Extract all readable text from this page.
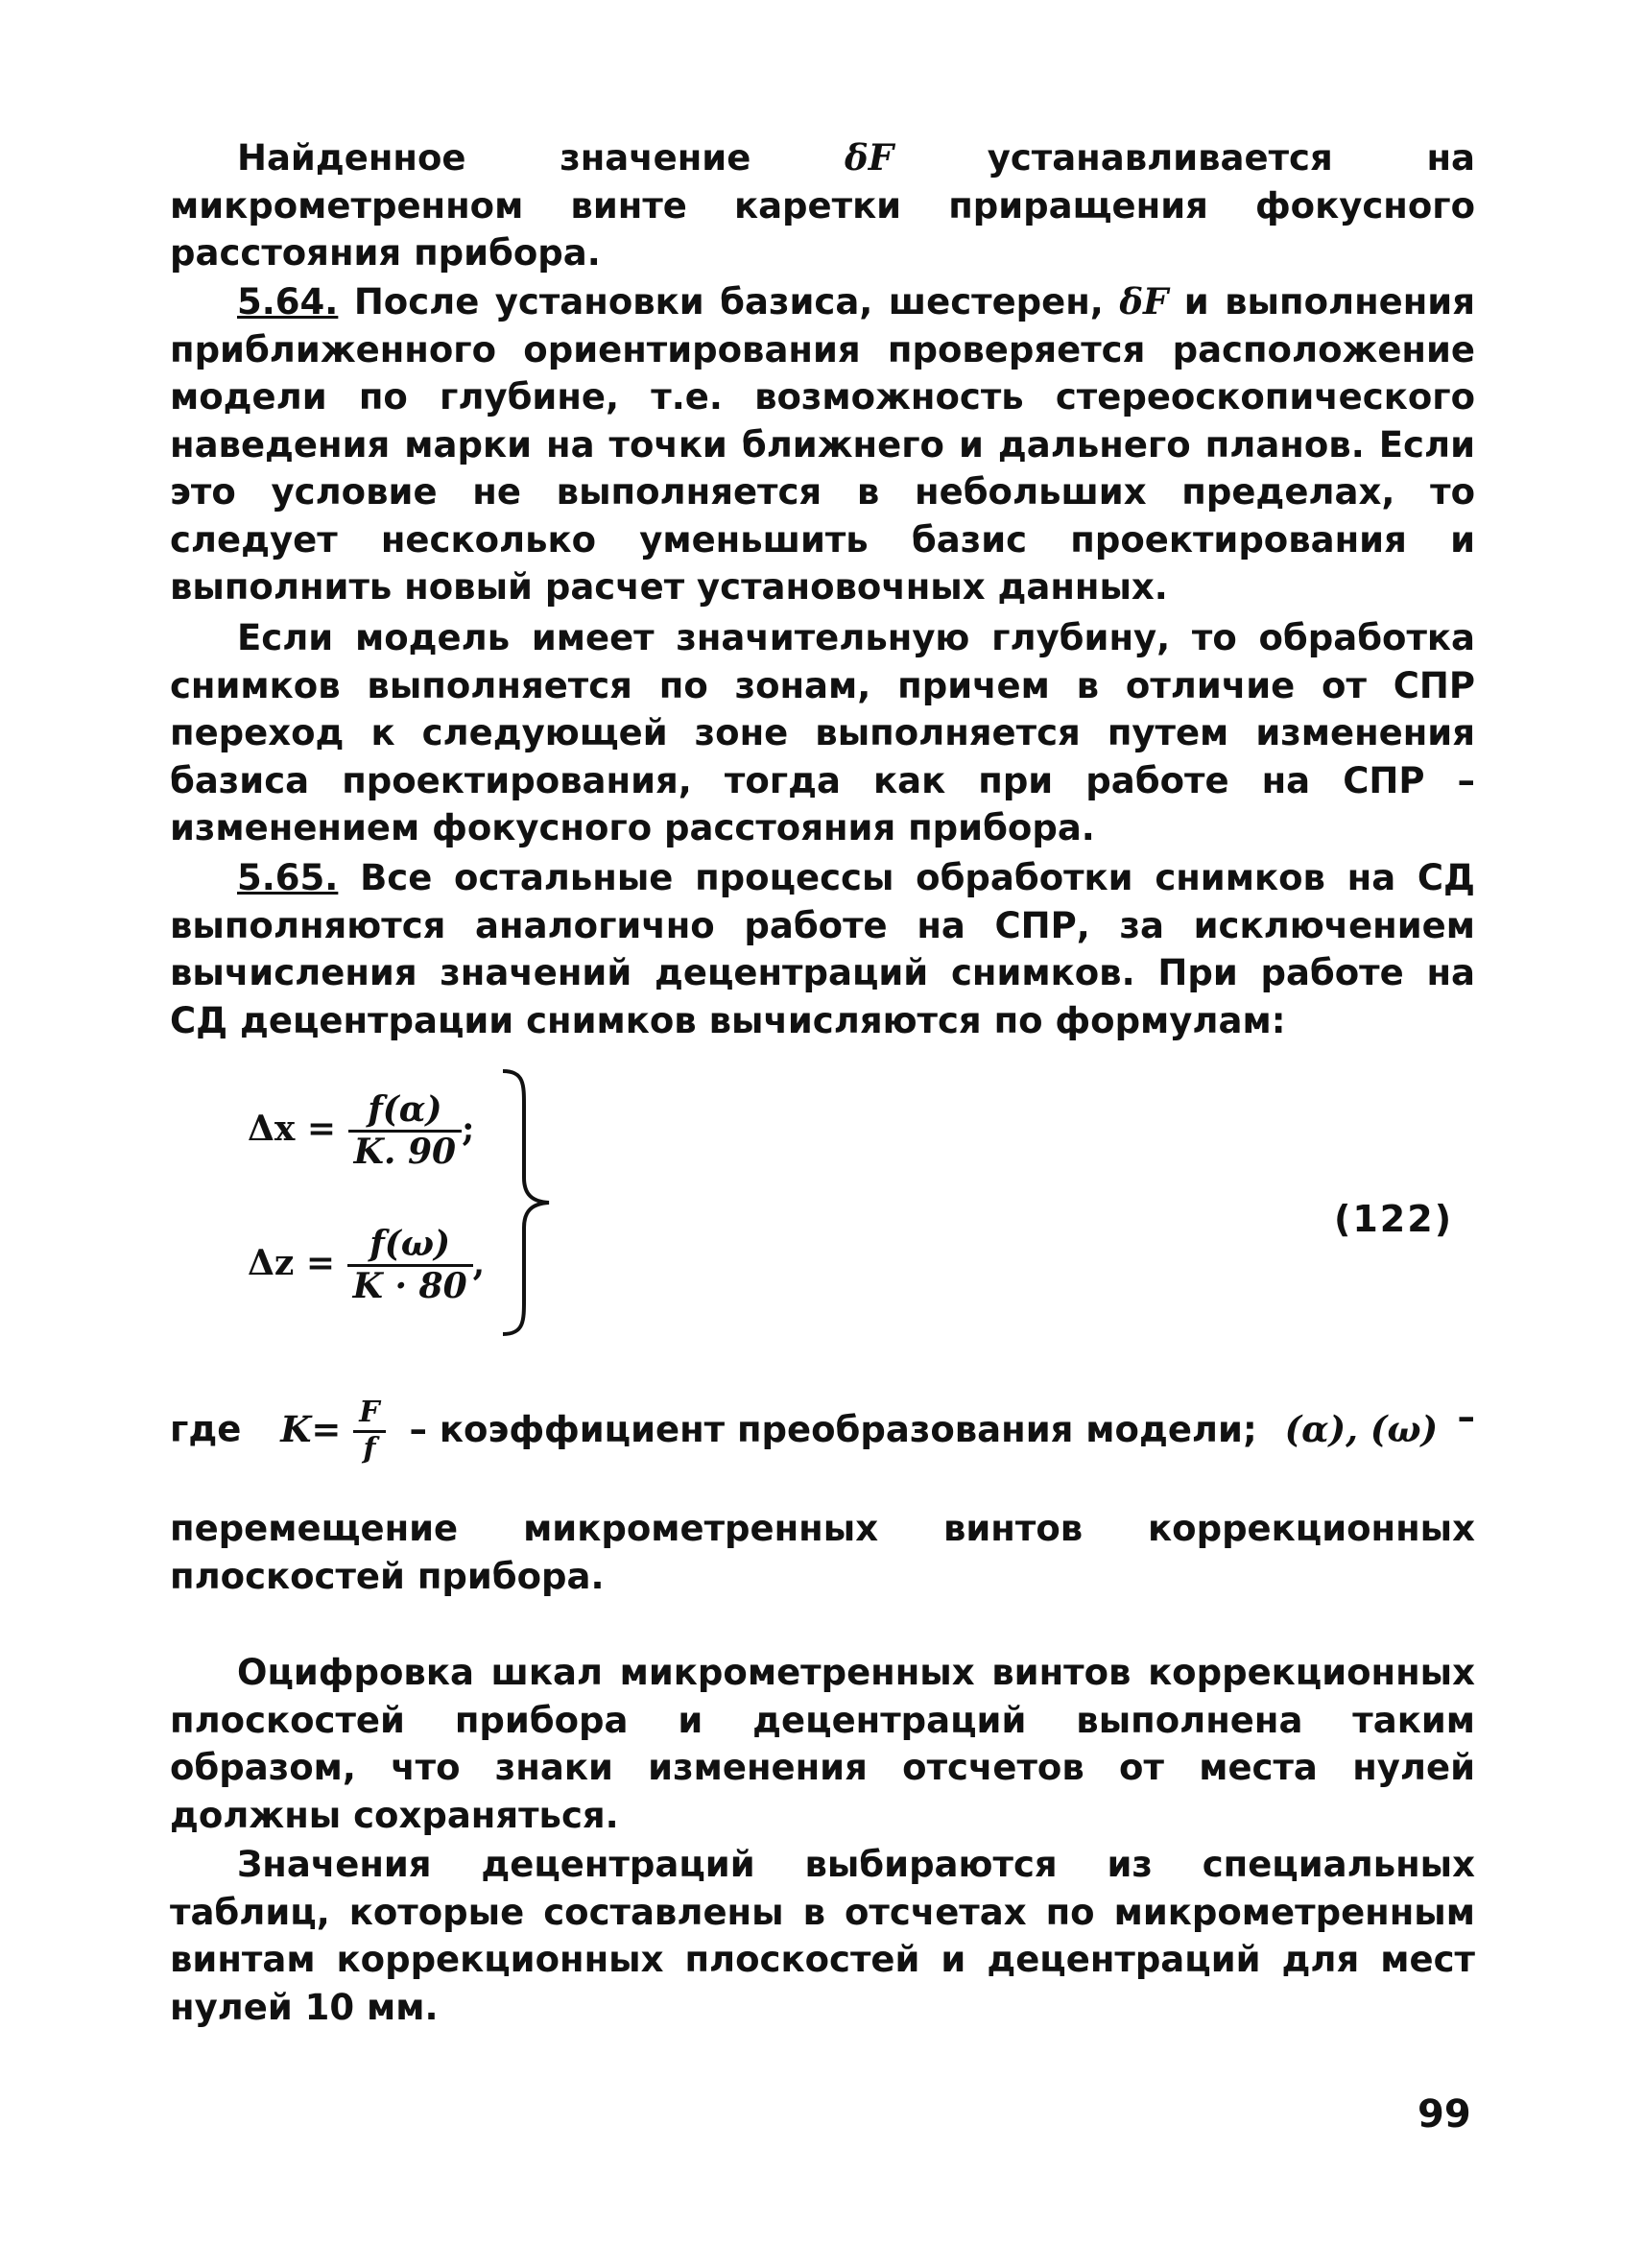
Найденное значение δF устанавливается на микрометренном винте каретки приращения фокусного расстояния прибора.

5.64. После установки базиса, шестерен, δF и выполнения приближенного ориентирования проверяется расположение модели по глубине, т.е. возможность стереоскопического наведения марки на точки ближнего и дальнего планов. Если это условие не выполняется в небольших пределах, то следует несколько уменьшить базис проектирования и выполнить новый расчет установочных данных.

Если модель имеет значительную глубину, то обработка снимков выполняется по зонам, причем в отличие от СПР переход к следующей зоне выполняется путем изменения базиса проектирования, тогда как при работе на СПР – изменением фокусного расстояния прибора.

5.65. Все остальные процессы обработки снимков на СД выполняются аналогично работе на СПР, за исключением вычисления значений децентраций снимков. При работе на СД децентрации снимков вычисляются по формулам:

$\Delta x = \frac{f(\alpha)}{K. 90}$ ;
$\Delta z = \frac{f(\omega)}{K \cdot 80}$ ,
(122)
где $K= \frac{F}{f}$ – коэффициент преобразования модели; (α), (ω) –

перемещение микрометренных винтов коррекционных плоскостей прибора.

Оцифровка шкал микрометренных винтов коррекционных плоскостей прибора и децентраций выполнена таким образом, что знаки изменения отсчетов от места нулей должны сохраняться.

Значения децентраций выбираются из специальных таблиц, которые составлены в отсчетах по микрометренным винтам коррекционных плоскостей и децентраций для мест нулей 10 мм.

99
